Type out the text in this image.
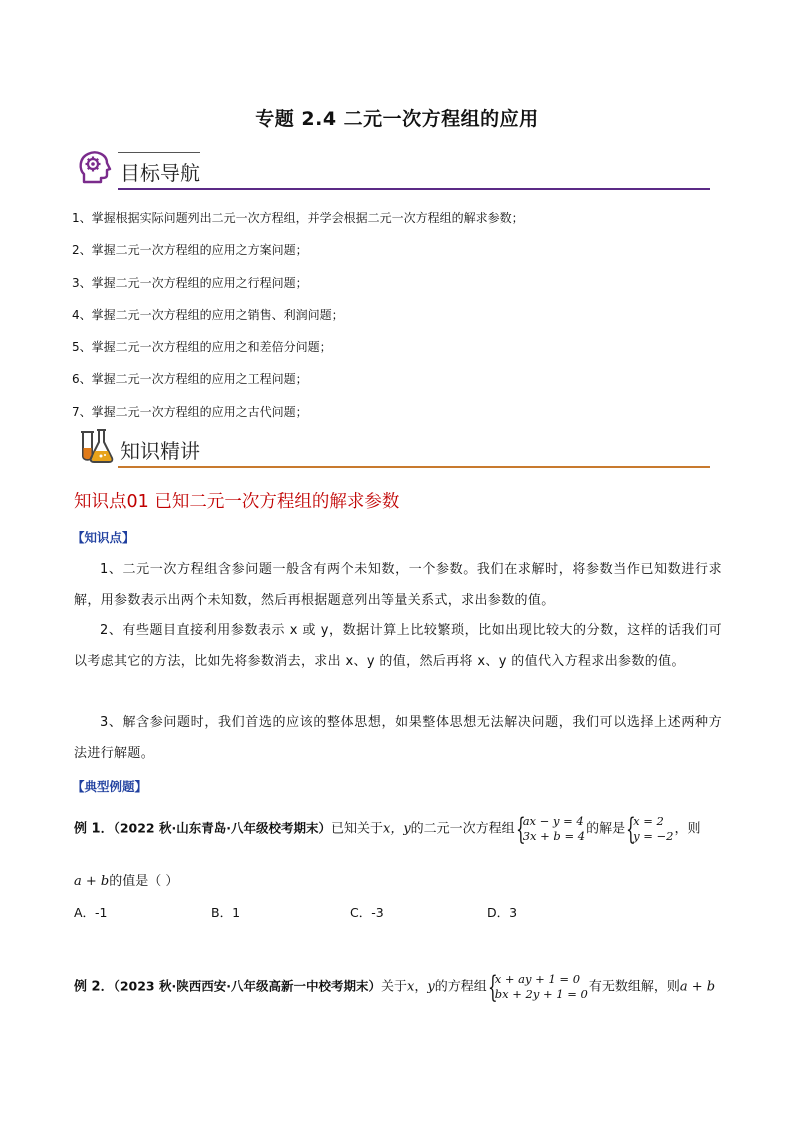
专题 2.4 二元一次方程组的应用
目标导航
1、掌握根据实际问题列出二元一次方程组，并学会根据二元一次方程组的解求参数；
2、掌握二元一次方程组的应用之方案问题；
3、掌握二元一次方程组的应用之行程问题；
4、掌握二元一次方程组的应用之销售、利润问题；
5、掌握二元一次方程组的应用之和差倍分问题；
6、掌握二元一次方程组的应用之工程问题；
7、掌握二元一次方程组的应用之古代问题；
知识精讲
知识点01 已知二元一次方程组的解求参数
【知识点】

1、二元一次方程组含参问题一般含有两个未知数，一个参数。我们在求解时，将参数当作已知数进行求解，用参数表示出两个未知数，然后再根据题意列出等量关系式，求出参数的值。

2、有些题目直接利用参数表示 x 或 y，数据计算上比较繁琐，比如出现比较大的分数，这样的话我们可以考虑其它的方法，比如先将参数消去，求出 x、y 的值，然后再将 x、y 的值代入方程求出参数的值。

3、解含参问题时，我们首选的应该的整体思想，如果整体思想无法解决问题，我们可以选择上述两种方法进行解题。

【典型例题】
例 1．（2022 秋·山东青岛·八年级校考期末）已知关于x，y的二元一次方程组 {
ax − y = 4
3x + b = 4 的解是 {
x = 2
y = −2 ，则
a + b的值是（ ）
A．-1	B．1	C．-3	D．3
例 2．（2023 秋·陕西西安·八年级高新一中校考期末）关于x，y的方程组 {
x + ay + 1 = 0
bx + 2y + 1 = 0 有无数组解，则a + b
